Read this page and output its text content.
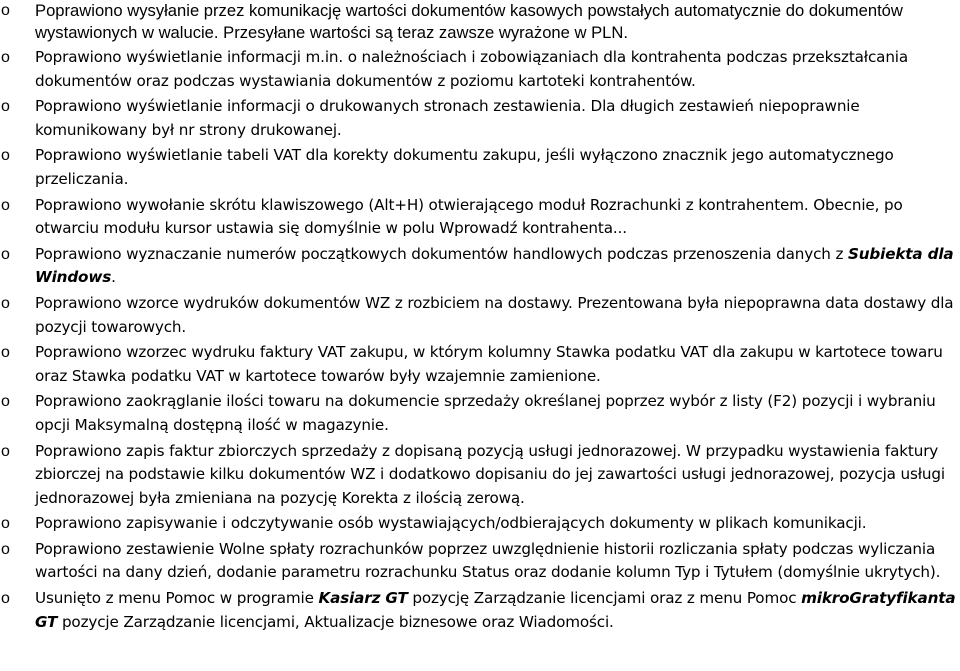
o Poprawiono wysyłanie przez komunikację wartości dokumentów kasowych powstałych automatycznie do dokumentów wystawionych w walucie. Przesyłane wartości są teraz zawsze wyrażone w PLN.
o Poprawiono wyświetlanie informacji m.in. o należnościach i zobowiązaniach dla kontrahenta podczas przekształcania dokumentów oraz podczas wystawiania dokumentów z poziomu kartoteki kontrahentów.
o Poprawiono wyświetlanie informacji o drukowanych stronach zestawienia. Dla długich zestawień niepoprawnie komunikowany był nr strony drukowanej.
o Poprawiono wyświetlanie tabeli VAT dla korekty dokumentu zakupu, jeśli wyłączono znacznik jego automatycznego przeliczania.
o Poprawiono wywołanie skrótu klawiszowego (Alt+H) otwierającego moduł Rozrachunki z kontrahentem. Obecnie, po otwarciu modułu kursor ustawia się domyślnie w polu Wprowadź kontrahenta...
o Poprawiono wyznaczanie numerów początkowych dokumentów handlowych podczas przenoszenia danych z Subiekta dla Windows.
o Poprawiono wzorce wydruków dokumentów WZ z rozbiciem na dostawy. Prezentowana była niepoprawna data dostawy dla pozycji towarowych.
o Poprawiono wzorzec wydruku faktury VAT zakupu, w którym kolumny Stawka podatku VAT dla zakupu w kartotece towaru oraz Stawka podatku VAT w kartotece towarów były wzajemnie zamienione.
o Poprawiono zaokrąglanie ilości towaru na dokumencie sprzedaży określanej poprzez wybór z listy (F2) pozycji i wybraniu opcji Maksymalną dostępną ilość w magazynie.
o Poprawiono zapis faktur zbiorczych sprzedaży z dopisaną pozycją usługi jednorazowej. W przypadku wystawienia faktury zbiorczej na podstawie kilku dokumentów WZ i dodatkowo dopisaniu do jej zawartości usługi jednorazowej, pozycja usługi jednorazowej była zmieniana na pozycję Korekta z ilością zerową.
o Poprawiono zapisywanie i odczytywanie osób wystawiających/odbierających dokumenty w plikach komunikacji.
o Poprawiono zestawienie Wolne spłaty rozrachunków poprzez uwzględnienie historii rozliczania spłaty podczas wyliczania wartości na dany dzień, dodanie parametru rozrachunku Status oraz dodanie kolumn Typ i Tytułem (domyślnie ukrytych).
o Usunięto z menu Pomoc w programie Kasiarz GT pozycję Zarządzanie licencjami oraz z menu Pomoc mikroGratyfikanta GT pozycje Zarządzanie licencjami, Aktualizacje biznesowe oraz Wiadomości.
